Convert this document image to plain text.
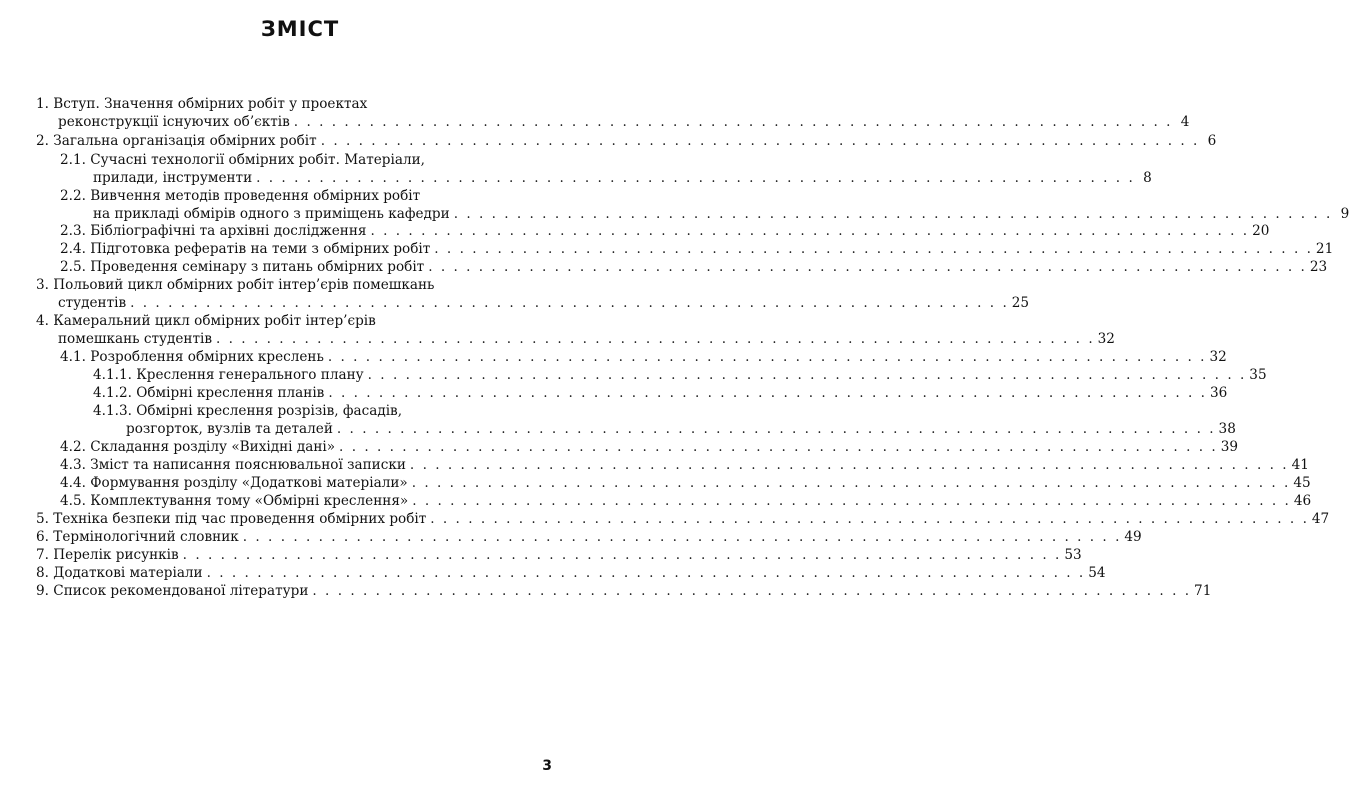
ЗМІСТ
1. Вступ. Значення обмірних робіт у проектах
реконструкції існуючих об’єктів . . . . . . . . . . . . . . . . . . . . . . . . . . . . . . . . . . . . . . . . . . . . . . . . . . . . . . . . . . . . . . . . . . . . . . 4
2. Загальна організація обмірних робіт . . . . . . . . . . . . . . . . . . . . . . . . . . . . . . . . . . . . . . . . . . . . . . . . . . . . . . . . . . . . . . . . . . . . . . 6
2.1. Сучасні технології обмірних робіт. Матеріали,
прилади, інструменти . . . . . . . . . . . . . . . . . . . . . . . . . . . . . . . . . . . . . . . . . . . . . . . . . . . . . . . . . . . . . . . . . . . . . . 8
2.2. Вивчення методів проведення обмірних робіт
на прикладі обмірів одного з приміщень кафедри . . . . . . . . . . . . . . . . . . . . . . . . . . . . . . . . . . . . . . . . . . . . . . . . . . . . . . . . . . . . . . . . . . . . . . 9
2.3. Бібліографічні та архівні дослідження . . . . . . . . . . . . . . . . . . . . . . . . . . . . . . . . . . . . . . . . . . . . . . . . . . . . . . . . . . . . . . . . . . . . . . 20
2.4. Підготовка рефератів на теми з обмірних робіт . . . . . . . . . . . . . . . . . . . . . . . . . . . . . . . . . . . . . . . . . . . . . . . . . . . . . . . . . . . . . . . . . . . . . . 21
2.5. Проведення семінару з питань обмірних робіт . . . . . . . . . . . . . . . . . . . . . . . . . . . . . . . . . . . . . . . . . . . . . . . . . . . . . . . . . . . . . . . . . . . . . . 23
3. Польовий цикл обмірних робіт інтер’єрів помешкань
студентів . . . . . . . . . . . . . . . . . . . . . . . . . . . . . . . . . . . . . . . . . . . . . . . . . . . . . . . . . . . . . . . . . . . . . . 25
4. Камеральний цикл обмірних робіт інтер’єрів
помешкань студентів . . . . . . . . . . . . . . . . . . . . . . . . . . . . . . . . . . . . . . . . . . . . . . . . . . . . . . . . . . . . . . . . . . . . . . 32
4.1. Розроблення обмірних креслень . . . . . . . . . . . . . . . . . . . . . . . . . . . . . . . . . . . . . . . . . . . . . . . . . . . . . . . . . . . . . . . . . . . . . . 32
4.1.1. Креслення генерального плану . . . . . . . . . . . . . . . . . . . . . . . . . . . . . . . . . . . . . . . . . . . . . . . . . . . . . . . . . . . . . . . . . . . . . . 35
4.1.2. Обмірні креслення планів . . . . . . . . . . . . . . . . . . . . . . . . . . . . . . . . . . . . . . . . . . . . . . . . . . . . . . . . . . . . . . . . . . . . . . 36
4.1.3. Обмірні креслення розрізів, фасадів,
розгорток, вузлів та деталей . . . . . . . . . . . . . . . . . . . . . . . . . . . . . . . . . . . . . . . . . . . . . . . . . . . . . . . . . . . . . . . . . . . . . . 38
4.2. Складання розділу «Вихідні дані» . . . . . . . . . . . . . . . . . . . . . . . . . . . . . . . . . . . . . . . . . . . . . . . . . . . . . . . . . . . . . . . . . . . . . . 39
4.3. Зміст та написання пояснювальної записки . . . . . . . . . . . . . . . . . . . . . . . . . . . . . . . . . . . . . . . . . . . . . . . . . . . . . . . . . . . . . . . . . . . . . . 41
4.4. Формування розділу «Додаткові матеріали» . . . . . . . . . . . . . . . . . . . . . . . . . . . . . . . . . . . . . . . . . . . . . . . . . . . . . . . . . . . . . . . . . . . . . . 45
4.5. Комплектування тому «Обмірні креслення» . . . . . . . . . . . . . . . . . . . . . . . . . . . . . . . . . . . . . . . . . . . . . . . . . . . . . . . . . . . . . . . . . . . . . . 46
5. Техніка безпеки під час проведення обмірних робіт . . . . . . . . . . . . . . . . . . . . . . . . . . . . . . . . . . . . . . . . . . . . . . . . . . . . . . . . . . . . . . . . . . . . . . 47
6. Термінологічний словник . . . . . . . . . . . . . . . . . . . . . . . . . . . . . . . . . . . . . . . . . . . . . . . . . . . . . . . . . . . . . . . . . . . . . . 49
7. Перелік рисунків . . . . . . . . . . . . . . . . . . . . . . . . . . . . . . . . . . . . . . . . . . . . . . . . . . . . . . . . . . . . . . . . . . . . . . 53
8. Додаткові матеріали . . . . . . . . . . . . . . . . . . . . . . . . . . . . . . . . . . . . . . . . . . . . . . . . . . . . . . . . . . . . . . . . . . . . . . 54
9. Список рекомендованої літератури . . . . . . . . . . . . . . . . . . . . . . . . . . . . . . . . . . . . . . . . . . . . . . . . . . . . . . . . . . . . . . . . . . . . . . 71
3
